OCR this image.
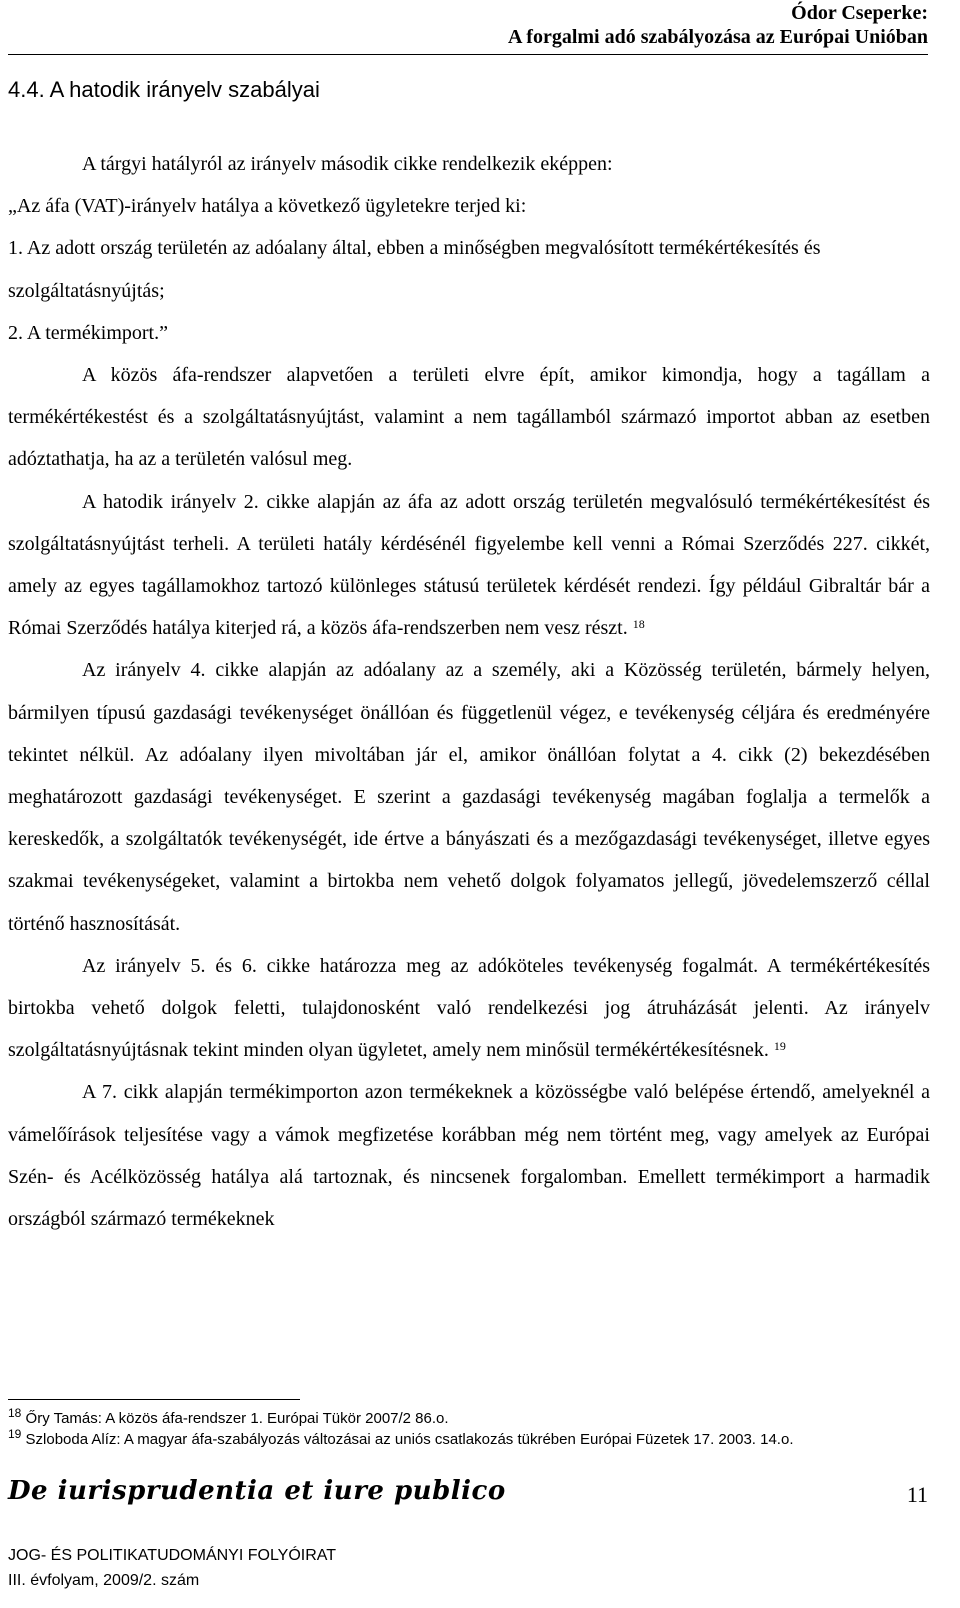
Ódor Cseperke:
A forgalmi adó szabályozása az Európai Unióban
4.4. A hatodik irányelv szabályai

A tárgyi hatályról az irányelv második cikke rendelkezik eképpen:

„Az áfa (VAT)-irányelv hatálya a következő ügyletekre terjed ki:

1. Az adott ország területén az adóalany által, ebben a minőségben megvalósított termékértékesítés és szolgáltatásnyújtás;

2. A termékimport.”

A közös áfa-rendszer alapvetően a területi elvre épít, amikor kimondja, hogy a tagállam a termékértékestést és a szolgáltatásnyújtást, valamint a nem tagállamból származó importot abban az esetben adóztathatja, ha az a területén valósul meg.

A hatodik irányelv 2. cikke alapján az áfa az adott ország területén megvalósuló termékértékesítést és szolgáltatásnyújtást terheli. A területi hatály kérdésénél figyelembe kell venni a Római Szerződés 227. cikkét, amely az egyes tagállamokhoz tartozó különleges státusú területek kérdését rendezi. Így például Gibraltár bár a Római Szerződés hatálya kiterjed rá, a közös áfa-rendszerben nem vesz részt. $^{18}$

Az irányelv 4. cikke alapján az adóalany az a személy, aki a Közösség területén, bármely helyen, bármilyen típusú gazdasági tevékenységet önállóan és függetlenül végez, e tevékenység céljára és eredményére tekintet nélkül. Az adóalany ilyen mivoltában jár el, amikor önállóan folytat a 4. cikk (2) bekezdésében meghatározott gazdasági tevékenységet. E szerint a gazdasági tevékenység magában foglalja a termelők a kereskedők, a szolgáltatók tevékenységét, ide értve a bányászati és a mezőgazdasági tevékenységet, illetve egyes szakmai tevékenységeket, valamint a birtokba nem vehető dolgok folyamatos jellegű, jövedelemszerző céllal történő hasznosítását.

Az irányelv 5. és 6. cikke határozza meg az adóköteles tevékenység fogalmát. A termékértékesítés birtokba vehető dolgok feletti, tulajdonosként való rendelkezési jog átruházását jelenti. Az irányelv szolgáltatásnyújtásnak tekint minden olyan ügyletet, amely nem minősül termékértékesítésnek. $^{19}$

A 7. cikk alapján termékimporton azon termékeknek a közösségbe való belépése értendő, amelyeknél a vámelőírások teljesítése vagy a vámok megfizetése korábban még nem történt meg, vagy amelyek az Európai Szén- és Acélközösség hatálya alá tartoznak, és nincsenek forgalomban. Emellett termékimport a harmadik országból származó termékeknek

$^{18}$ Őry Tamás: A közös áfa-rendszer 1. Európai Tükör 2007/2 86.o.

$^{19}$ Szloboda Alíz: A magyar áfa-szabályozás változásai az uniós csatlakozás tükrében Európai Füzetek 17. 2003. 14.o.

De iurisprudentia et iure publico	11
JOG- ÉS POLITIKATUDOMÁNYI FOLYÓIRAT
III. évfolyam, 2009/2. szám
